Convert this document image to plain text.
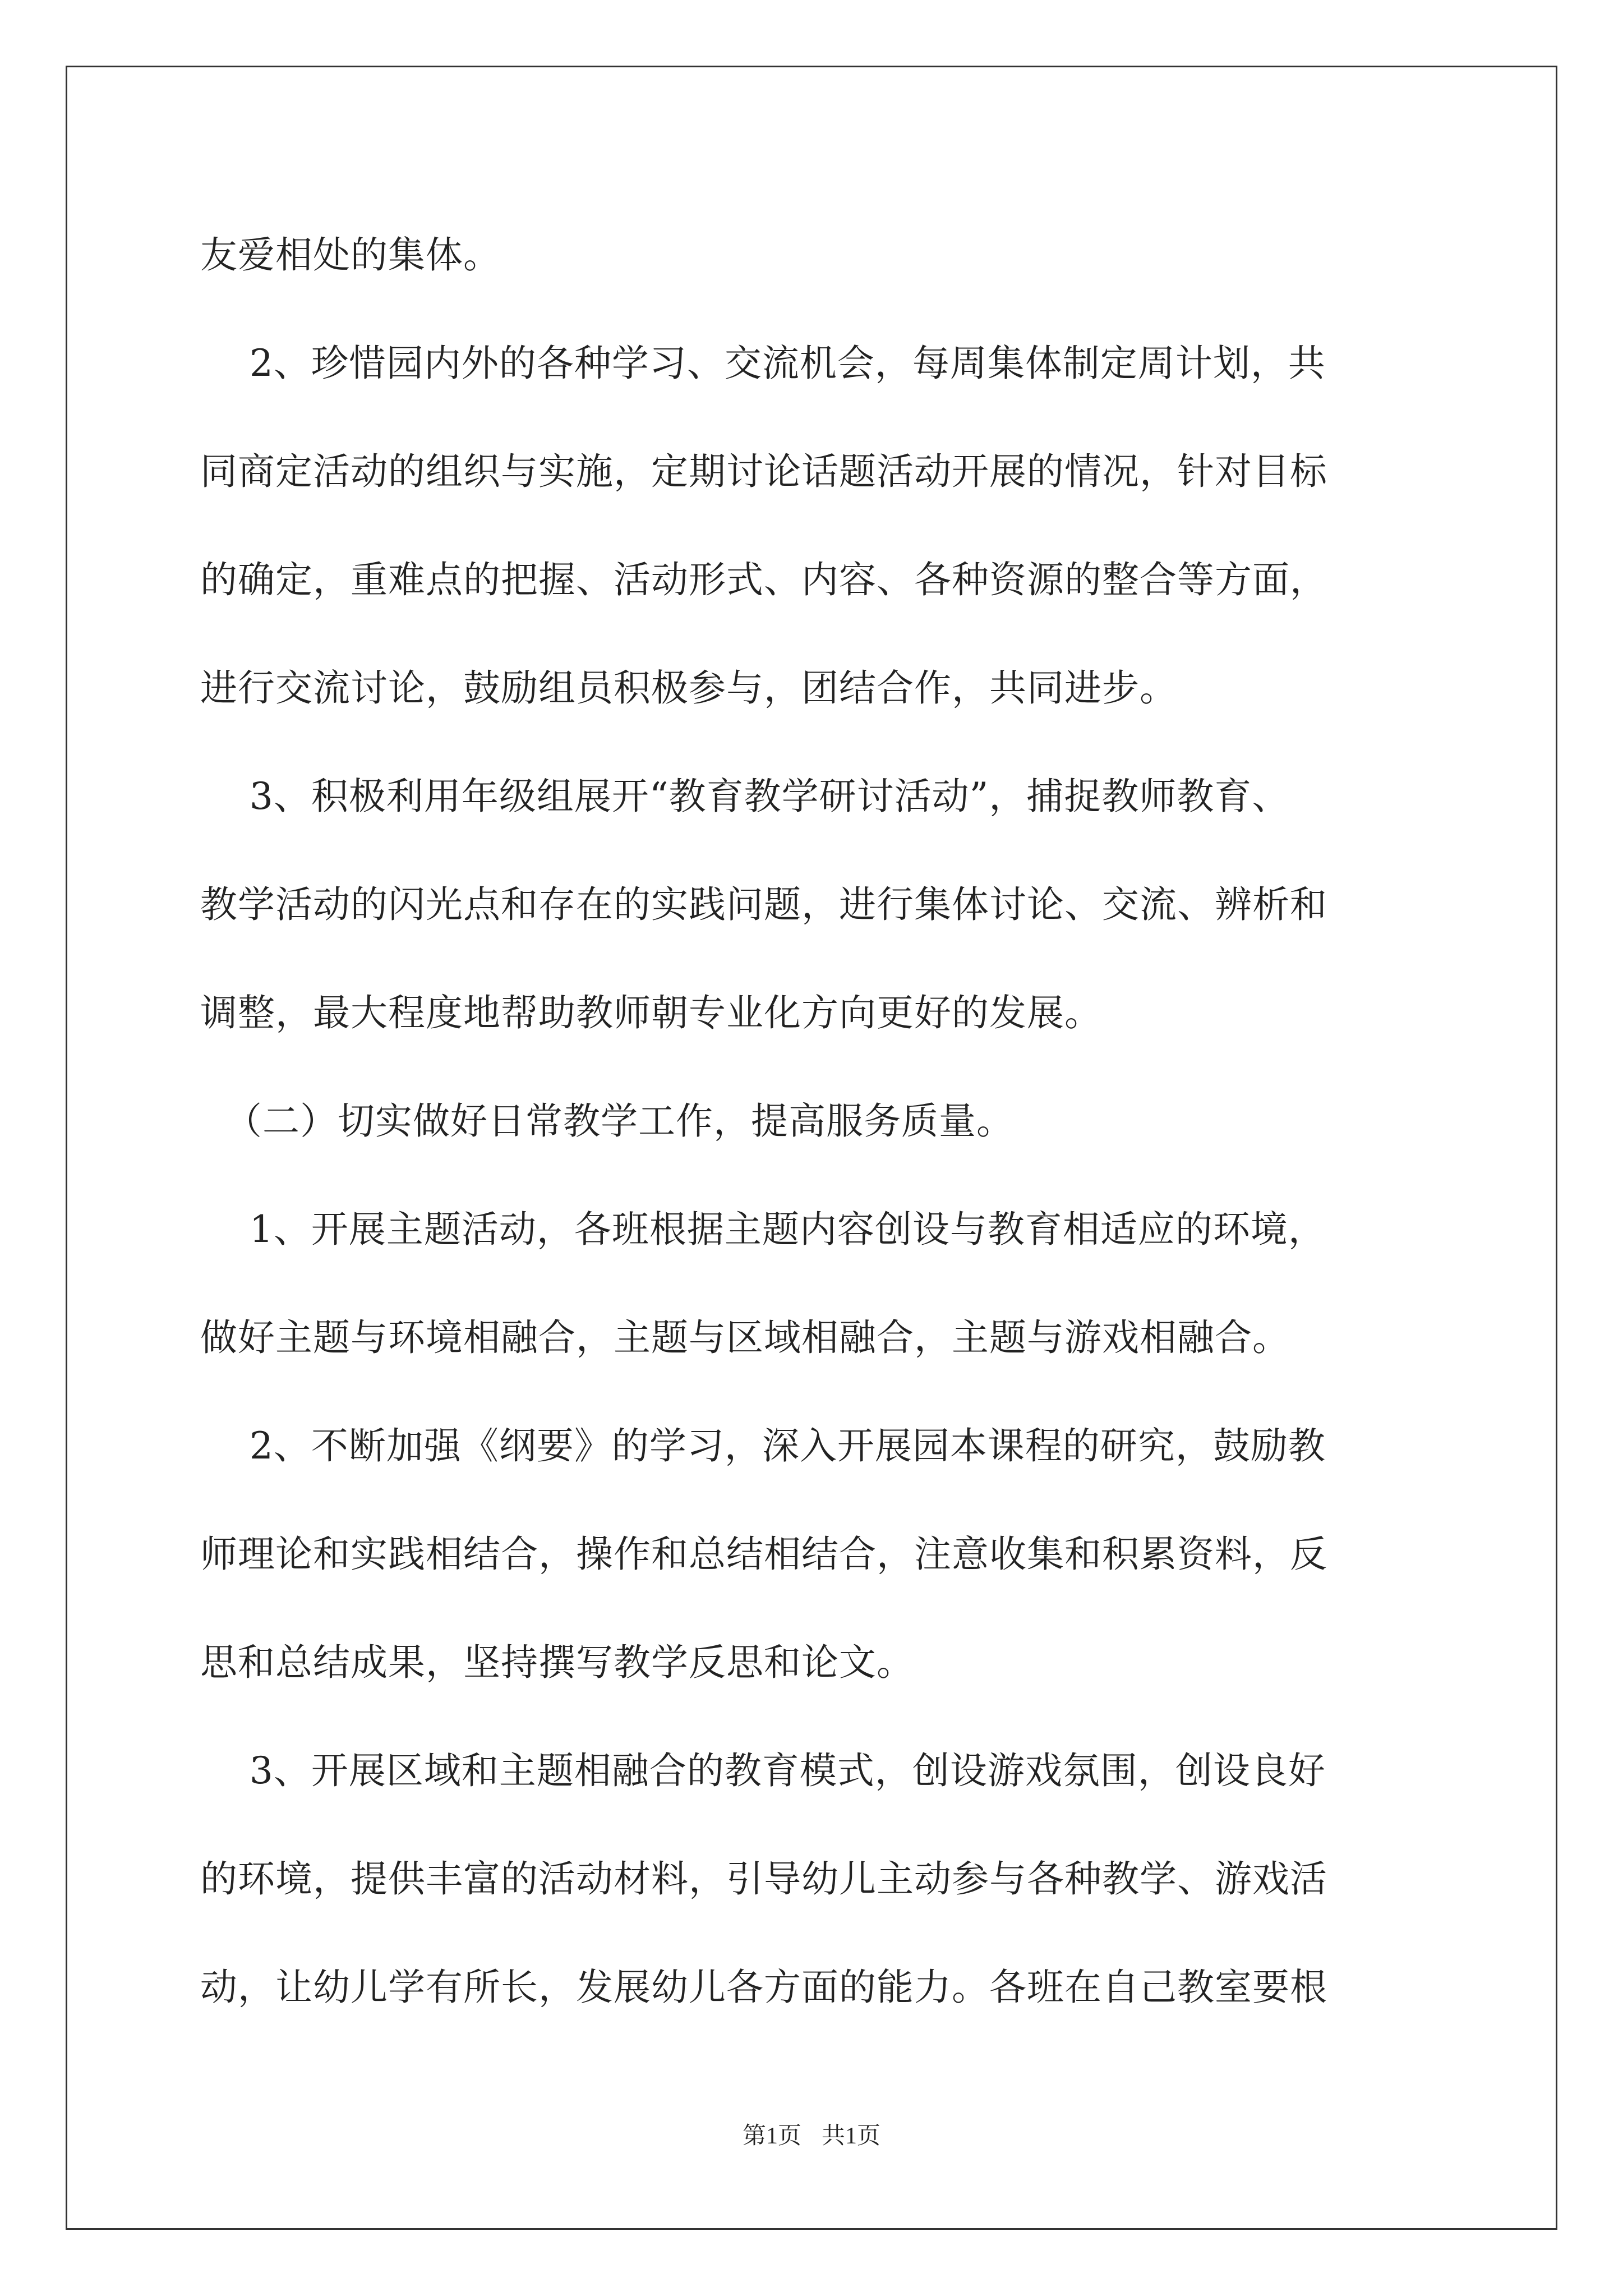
友爱相处的集体。
2、珍惜园内外的各种学习、交流机会，每周集体制定周计划，共
同商定活动的组织与实施，定期讨论话题活动开展的情况，针对目标
的确定，重难点的把握、活动形式、内容、各种资源的整合等方面，
进行交流讨论，鼓励组员积极参与，团结合作，共同进步。
3、积极利用年级组展开“教育教学研讨活动”，捕捉教师教育、
教学活动的闪光点和存在的实践问题，进行集体讨论、交流、辨析和
调整，最大程度地帮助教师朝专业化方向更好的发展。
（二）切实做好日常教学工作，提高服务质量。
1、开展主题活动，各班根据主题内容创设与教育相适应的环境，
做好主题与环境相融合，主题与区域相融合，主题与游戏相融合。
2、不断加强《纲要》的学习，深入开展园本课程的研究，鼓励教
师理论和实践相结合，操作和总结相结合，注意收集和积累资料，反
思和总结成果，坚持撰写教学反思和论文。
3、开展区域和主题相融合的教育模式，创设游戏氛围，创设良好
的环境，提供丰富的活动材料，引导幼儿主动参与各种教学、游戏活
动，让幼儿学有所长，发展幼儿各方面的能力。各班在自己教室要根
第1页 共1页
